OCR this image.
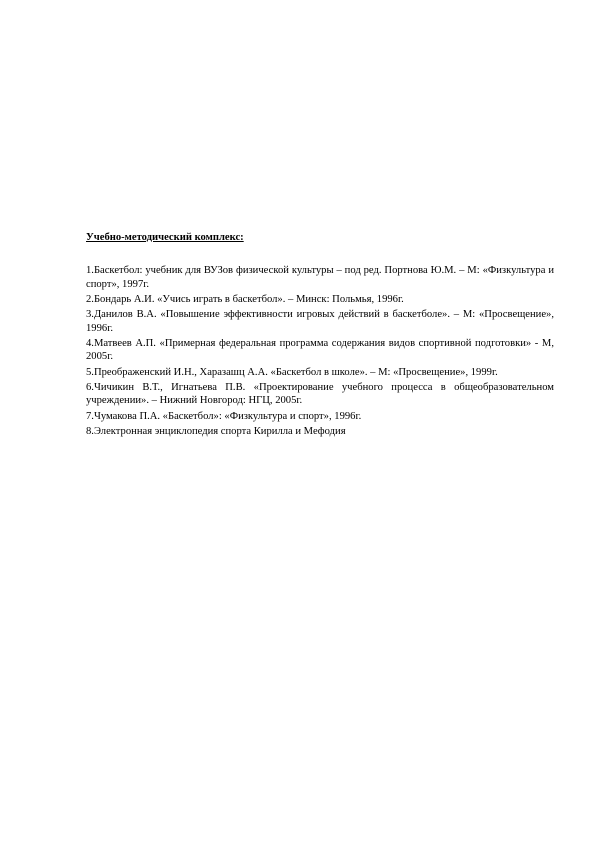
Учебно-методический комплекс:

1.Баскетбол: учебник для ВУЗов физической культуры – под ред. Портнова Ю.М. – М: «Физкультура и спорт», 1997г.
2.Бондарь А.И. «Учись играть в баскетбол». – Минск: Польмья, 1996г.
3.Данилов В.А. «Повышение эффективности игровых действий в баскетболе». – М: «Просвещение», 1996г.
4.Матвеев А.П. «Примерная федеральная программа содержания видов спортивной подготовки» - М, 2005г.
5.Преображенский И.Н., Харазашц А.А. «Баскетбол в школе». – М: «Просвещение», 1999г.
6.Чичикин В.Т., Игнатьева П.В. «Проектирование учебного процесса в общеобразовательном учреждении». – Нижний Новгород: НГЦ, 2005г.
7.Чумакова П.А. «Баскетбол»: «Физкультура и спорт», 1996г.
8.Электронная энциклопедия спорта Кирилла и Мефодия
